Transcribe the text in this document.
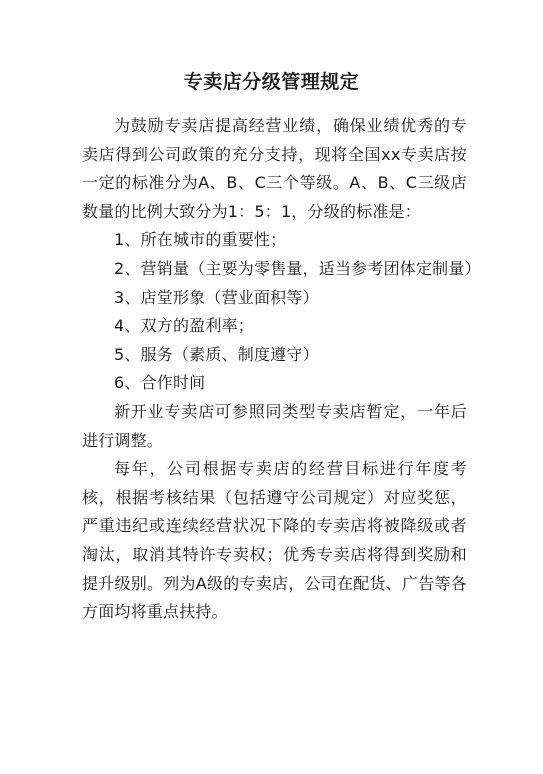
专卖店分级管理规定

为鼓励专卖店提高经营业绩，确保业绩优秀的专卖店得到公司政策的充分支持，现将全国xx专卖店按一定的标准分为A、B、C三个等级。A、B、C三级店数量的比例大致分为1：5：1，分级的标准是：

1、所在城市的重要性；

2、营销量（主要为零售量，适当参考团体定制量）

3、店堂形象（营业面积等）

4、双方的盈利率；

5、服务（素质、制度遵守）

6、合作时间

新开业专卖店可参照同类型专卖店暂定，一年后进行调整。

每年，公司根据专卖店的经营目标进行年度考核，根据考核结果（包括遵守公司规定）对应奖惩，严重违纪或连续经营状况下降的专卖店将被降级或者淘汰，取消其特许专卖权；优秀专卖店将得到奖励和提升级别。列为A级的专卖店，公司在配货、广告等各方面均将重点扶持。
